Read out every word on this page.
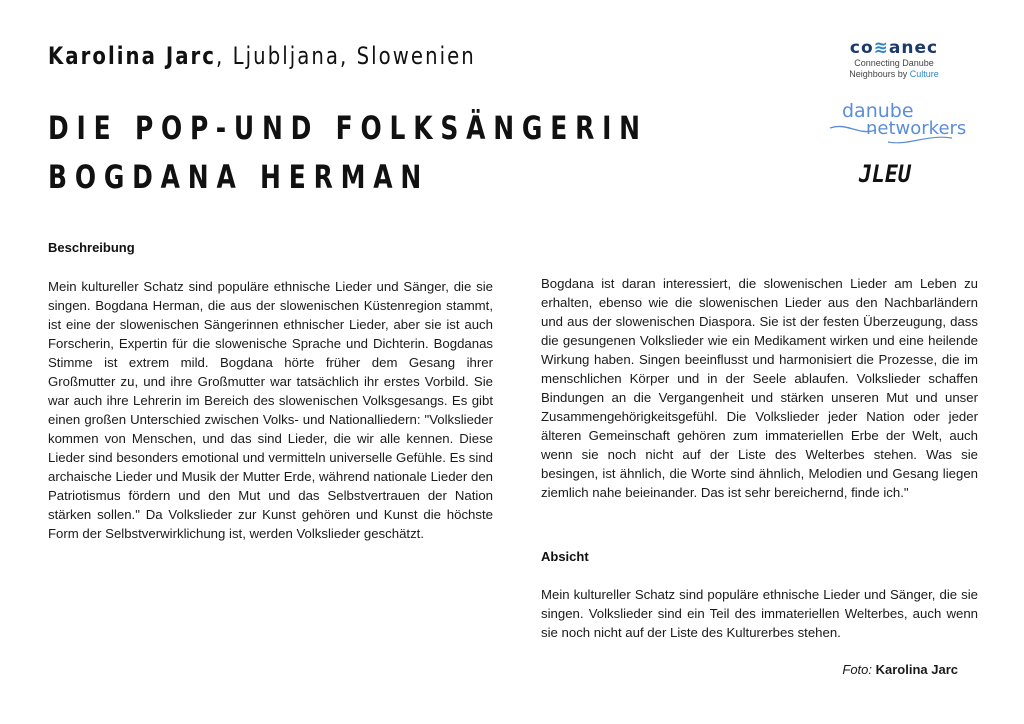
Karolina Jarc, Ljubljana, Slowenien
DIE POP-UND FOLKSÄNGERIN BOGDANA HERMAN
co≋anec
Connecting Danube
Neighbours by Culture
danube
networkers
JLEU
Beschreibung

Mein kultureller Schatz sind populäre ethnische Lieder und Sänger, die sie singen. Bogdana Herman, die aus der slowenischen Küstenregion stammt, ist eine der slowenischen Sängerinnen ethnischer Lieder, aber sie ist auch Forscherin, Expertin für die slowenische Sprache und Dichterin. Bogdanas Stimme ist extrem mild. Bogdana hörte früher dem Gesang ihrer Großmutter zu, und ihre Großmutter war tatsächlich ihr erstes Vorbild. Sie war auch ihre Lehrerin im Bereich des slowenischen Volksgesangs. Es gibt einen großen Unterschied zwischen Volks- und Nationalliedern: "Volkslieder kommen von Menschen, und das sind Lieder, die wir alle kennen. Diese Lieder sind besonders emotional und vermitteln universelle Gefühle. Es sind archaische Lieder und Musik der Mutter Erde, während nationale Lieder den Patriotismus fördern und den Mut und das Selbstvertrauen der Nation stärken sollen." Da Volkslieder zur Kunst gehören und Kunst die höchste Form der Selbstverwirklichung ist, werden Volkslieder geschätzt.

Bogdana ist daran interessiert, die slowenischen Lieder am Leben zu erhalten, ebenso wie die slowenischen Lieder aus den Nachbarländern und aus der slowenischen Diaspora. Sie ist der festen Überzeugung, dass die gesungenen Volkslieder wie ein Medikament wirken und eine heilende Wirkung haben. Singen beeinflusst und harmonisiert die Prozesse, die im menschlichen Körper und in der Seele ablaufen. Volkslieder schaffen Bindungen an die Vergangenheit und stärken unseren Mut und unser Zusammengehörigkeitsgefühl. Die Volkslieder jeder Nation oder jeder älteren Gemeinschaft gehören zum immateriellen Erbe der Welt, auch wenn sie noch nicht auf der Liste des Welterbes stehen. Was sie besingen, ist ähnlich, die Worte sind ähnlich, Melodien und Gesang liegen ziemlich nahe beieinander. Das ist sehr bereichernd, finde ich."

Absicht

Mein kultureller Schatz sind populäre ethnische Lieder und Sänger, die sie singen. Volkslieder sind ein Teil des immateriellen Welterbes, auch wenn sie noch nicht auf der Liste des Kulturerbes stehen.

Foto: Karolina Jarc
